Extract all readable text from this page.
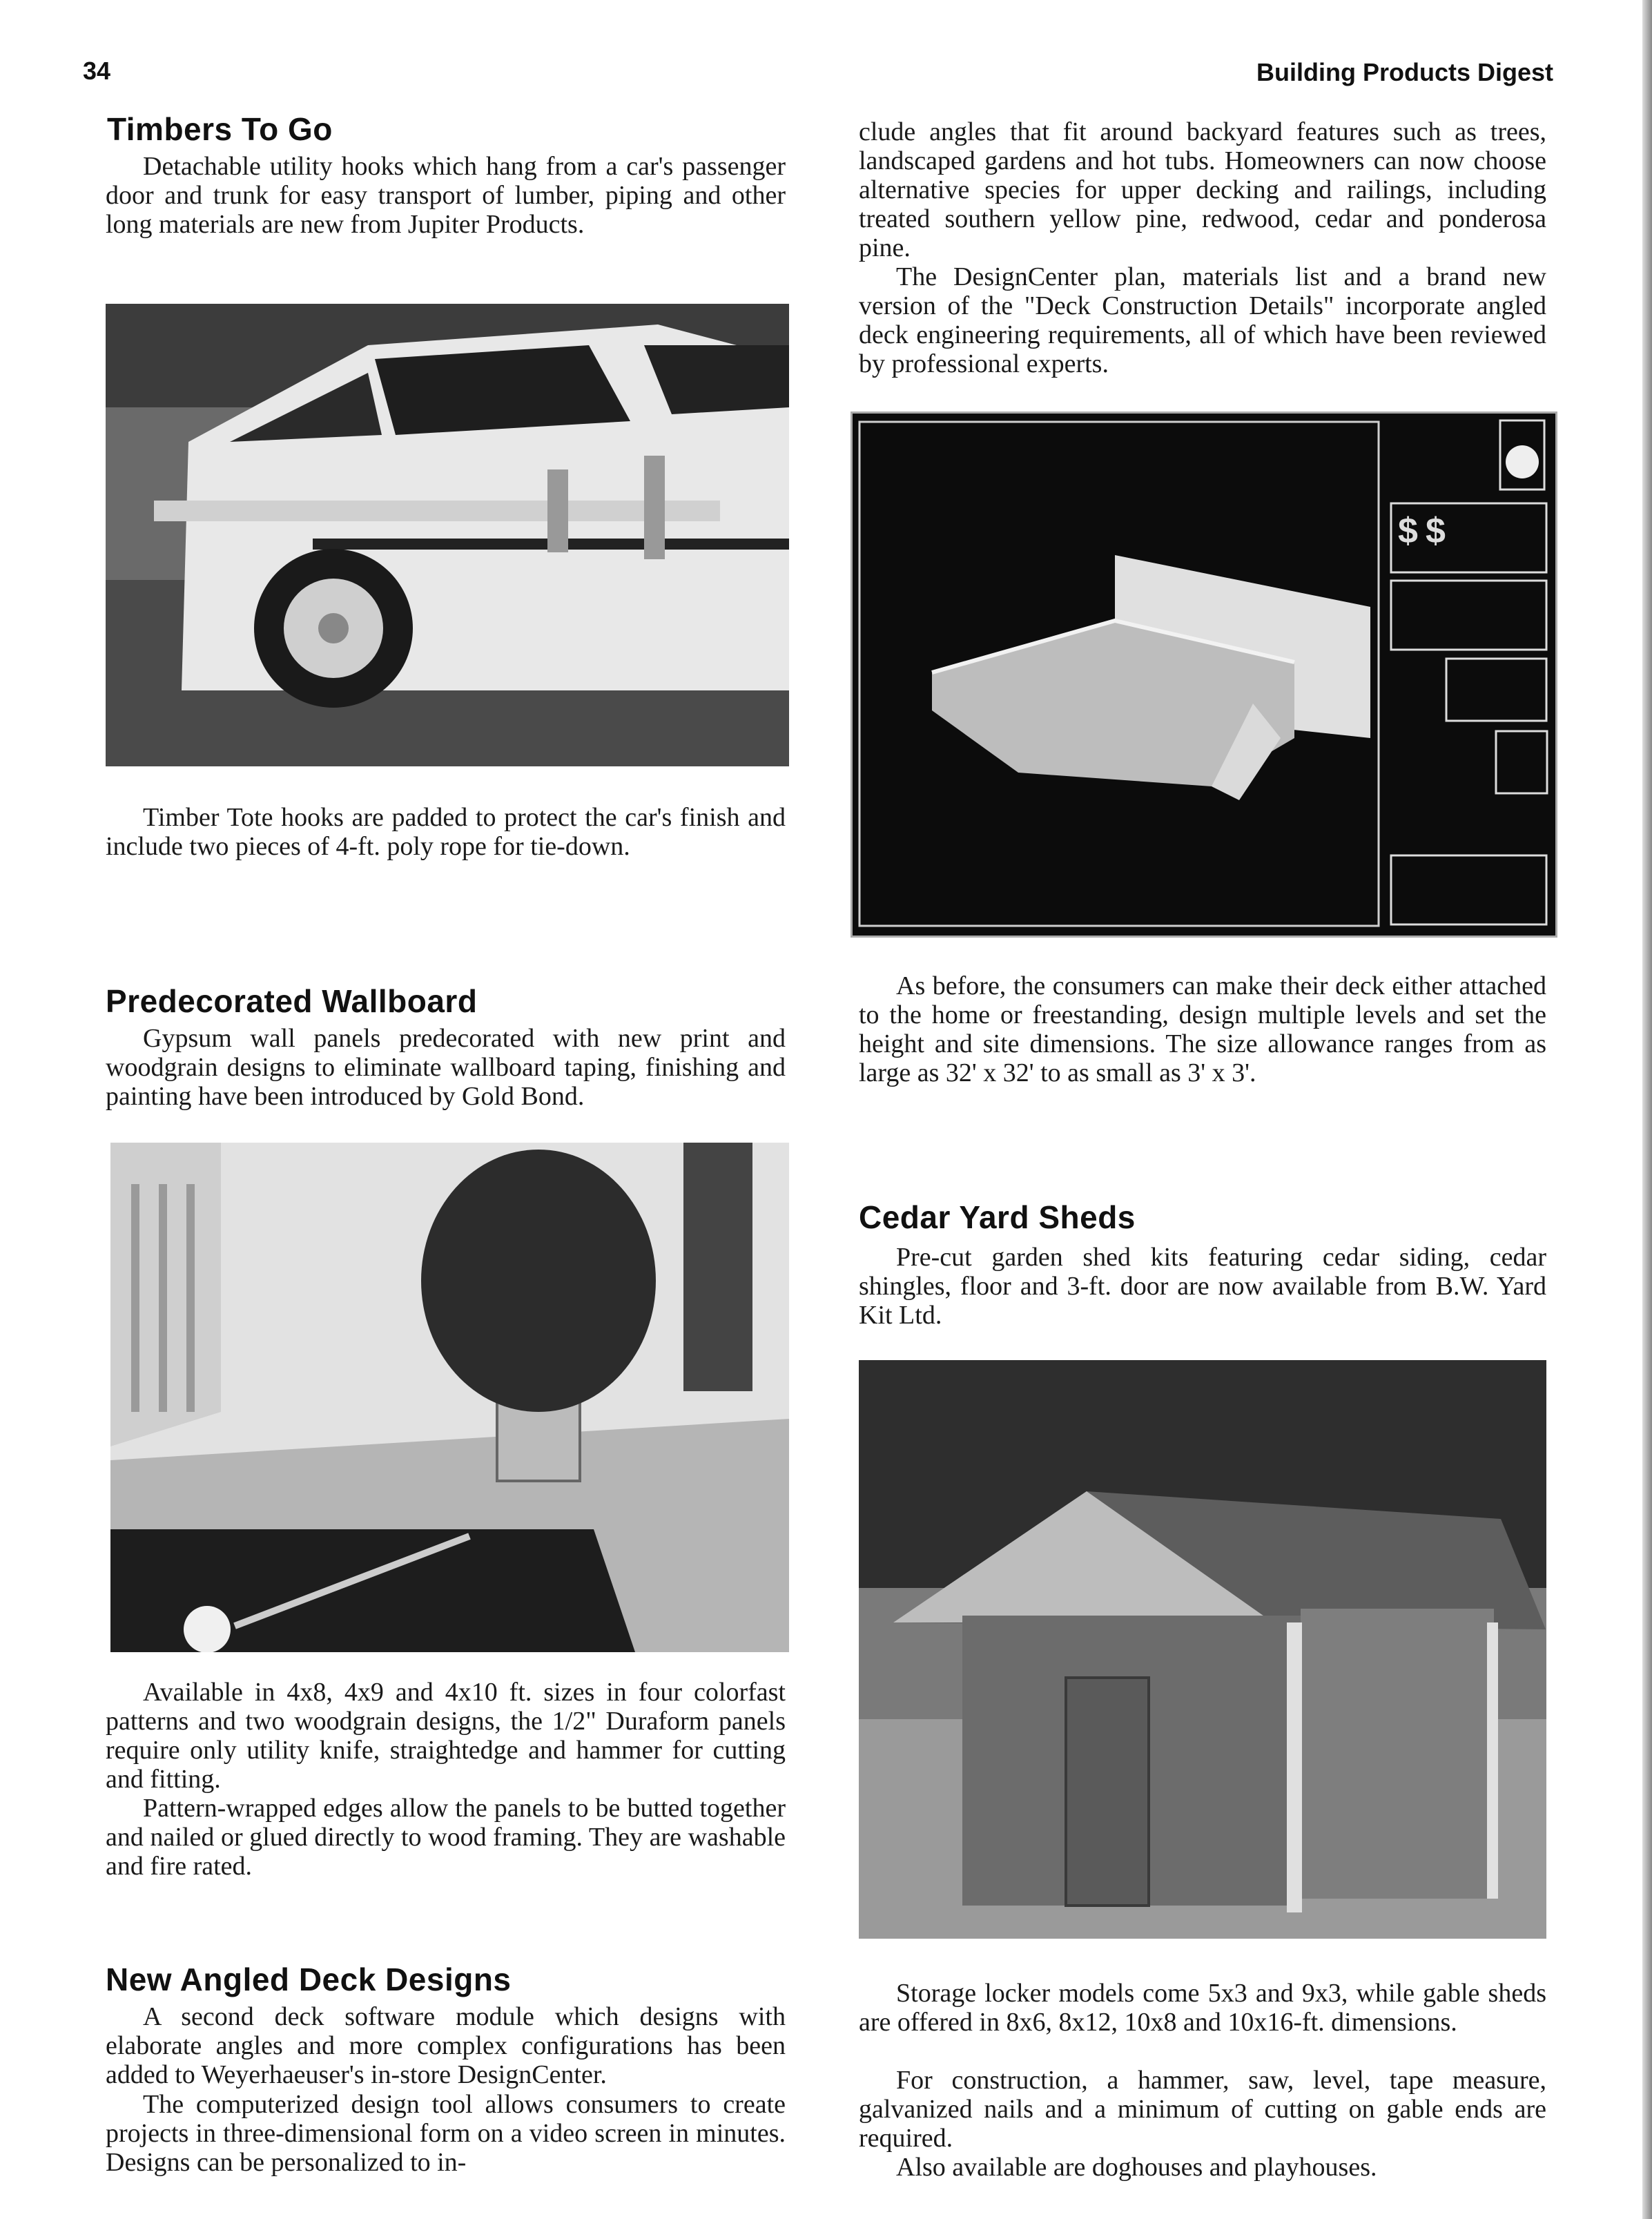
34	Building Products Digest
Timbers To Go

Detachable utility hooks which hang from a car's passenger door and trunk for easy transport of lumber, piping and other long materials are new from Jupiter Products.

Timber Tote hooks are padded to protect the car's finish and include two pieces of 4-ft. poly rope for tie-down.

Predecorated Wallboard

Gypsum wall panels predecorated with new print and woodgrain designs to eliminate wallboard taping, finishing and painting have been introduced by Gold Bond.

Available in 4x8, 4x9 and 4x10 ft. sizes in four colorfast patterns and two woodgrain designs, the 1/2" Duraform panels require only utility knife, straightedge and hammer for cutting and fitting.

Pattern-wrapped edges allow the panels to be butted together and nailed or glued directly to wood framing. They are washable and fire rated.

New Angled Deck Designs

A second deck software module which designs with elaborate angles and more complex configurations has been added to Weyerhaeuser's in-store DesignCenter.

The computerized design tool allows consumers to create projects in three-dimensional form on a video screen in minutes. Designs can be personalized to in-

clude angles that fit around backyard features such as trees, landscaped gardens and hot tubs. Homeowners can now choose alternative species for upper decking and railings, including treated southern yellow pine, redwood, cedar and ponderosa pine.

The DesignCenter plan, materials list and a brand new version of the "Deck Construction Details" incorporate angled deck engineering requirements, all of which have been reviewed by professional experts.

$ $

As before, the consumers can make their deck either attached to the home or freestanding, design multiple levels and set the height and site dimensions. The size allowance ranges from as large as 32' x 32' to as small as 3' x 3'.

Cedar Yard Sheds

Pre-cut garden shed kits featuring cedar siding, cedar shingles, floor and 3-ft. door are now available from B.W. Yard Kit Ltd.

Storage locker models come 5x3 and 9x3, while gable sheds are offered in 8x6, 8x12, 10x8 and 10x16-ft. dimensions.

For construction, a hammer, saw, level, tape measure, galvanized nails and a minimum of cutting on gable ends are required.

Also available are doghouses and playhouses.
